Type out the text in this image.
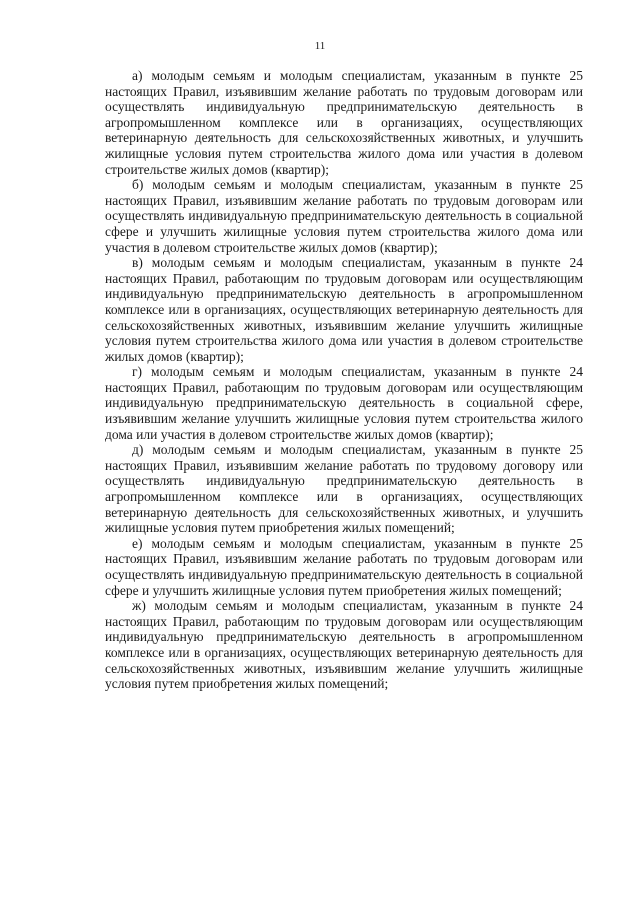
11

а) молодым семьям и молодым специалистам, указанным в пункте 25 настоящих Правил, изъявившим желание работать по трудовым договорам или осуществлять индивидуальную предпринимательскую деятельность в агропромышленном комплексе или в организациях, осуществляющих ветеринарную деятельность для сельскохозяйственных животных, и улучшить жилищные условия путем строительства жилого дома или участия в долевом строительстве жилых домов (квартир);

б) молодым семьям и молодым специалистам, указанным в пункте 25 настоящих Правил, изъявившим желание работать по трудовым договорам или осуществлять индивидуальную предпринимательскую деятельность в социальной сфере и улучшить жилищные условия путем строительства жилого дома или участия в долевом строительстве жилых домов (квартир);

в) молодым семьям и молодым специалистам, указанным в пункте 24 настоящих Правил, работающим по трудовым договорам или осуществляющим индивидуальную предпринимательскую деятельность в агропромышленном комплексе или в организациях, осуществляющих ветеринарную деятельность для сельскохозяйственных животных, изъявившим желание улучшить жилищные условия путем строительства жилого дома или участия в долевом строительстве жилых домов (квартир);

г) молодым семьям и молодым специалистам, указанным в пункте 24 настоящих Правил, работающим по трудовым договорам или осуществляющим индивидуальную предпринимательскую деятельность в социальной сфере, изъявившим желание улучшить жилищные условия путем строительства жилого дома или участия в долевом строительстве жилых домов (квартир);

д) молодым семьям и молодым специалистам, указанным в пункте 25 настоящих Правил, изъявившим желание работать по трудовому договору или осуществлять индивидуальную предпринимательскую деятельность в агропромышленном комплексе или в организациях, осуществляющих ветеринарную деятельность для сельскохозяйственных животных, и улучшить жилищные условия путем приобретения жилых помещений;

е) молодым семьям и молодым специалистам, указанным в пункте 25 настоящих Правил, изъявившим желание работать по трудовым договорам или осуществлять индивидуальную предпринимательскую деятельность в социальной сфере и улучшить жилищные условия путем приобретения жилых помещений;

ж) молодым семьям и молодым специалистам, указанным в пункте 24 настоящих Правил, работающим по трудовым договорам или осуществляющим индивидуальную предпринимательскую деятельность в агропромышленном комплексе или в организациях, осуществляющих ветеринарную деятельность для сельскохозяйственных животных, изъявившим желание улучшить жилищные условия путем приобретения жилых помещений;
